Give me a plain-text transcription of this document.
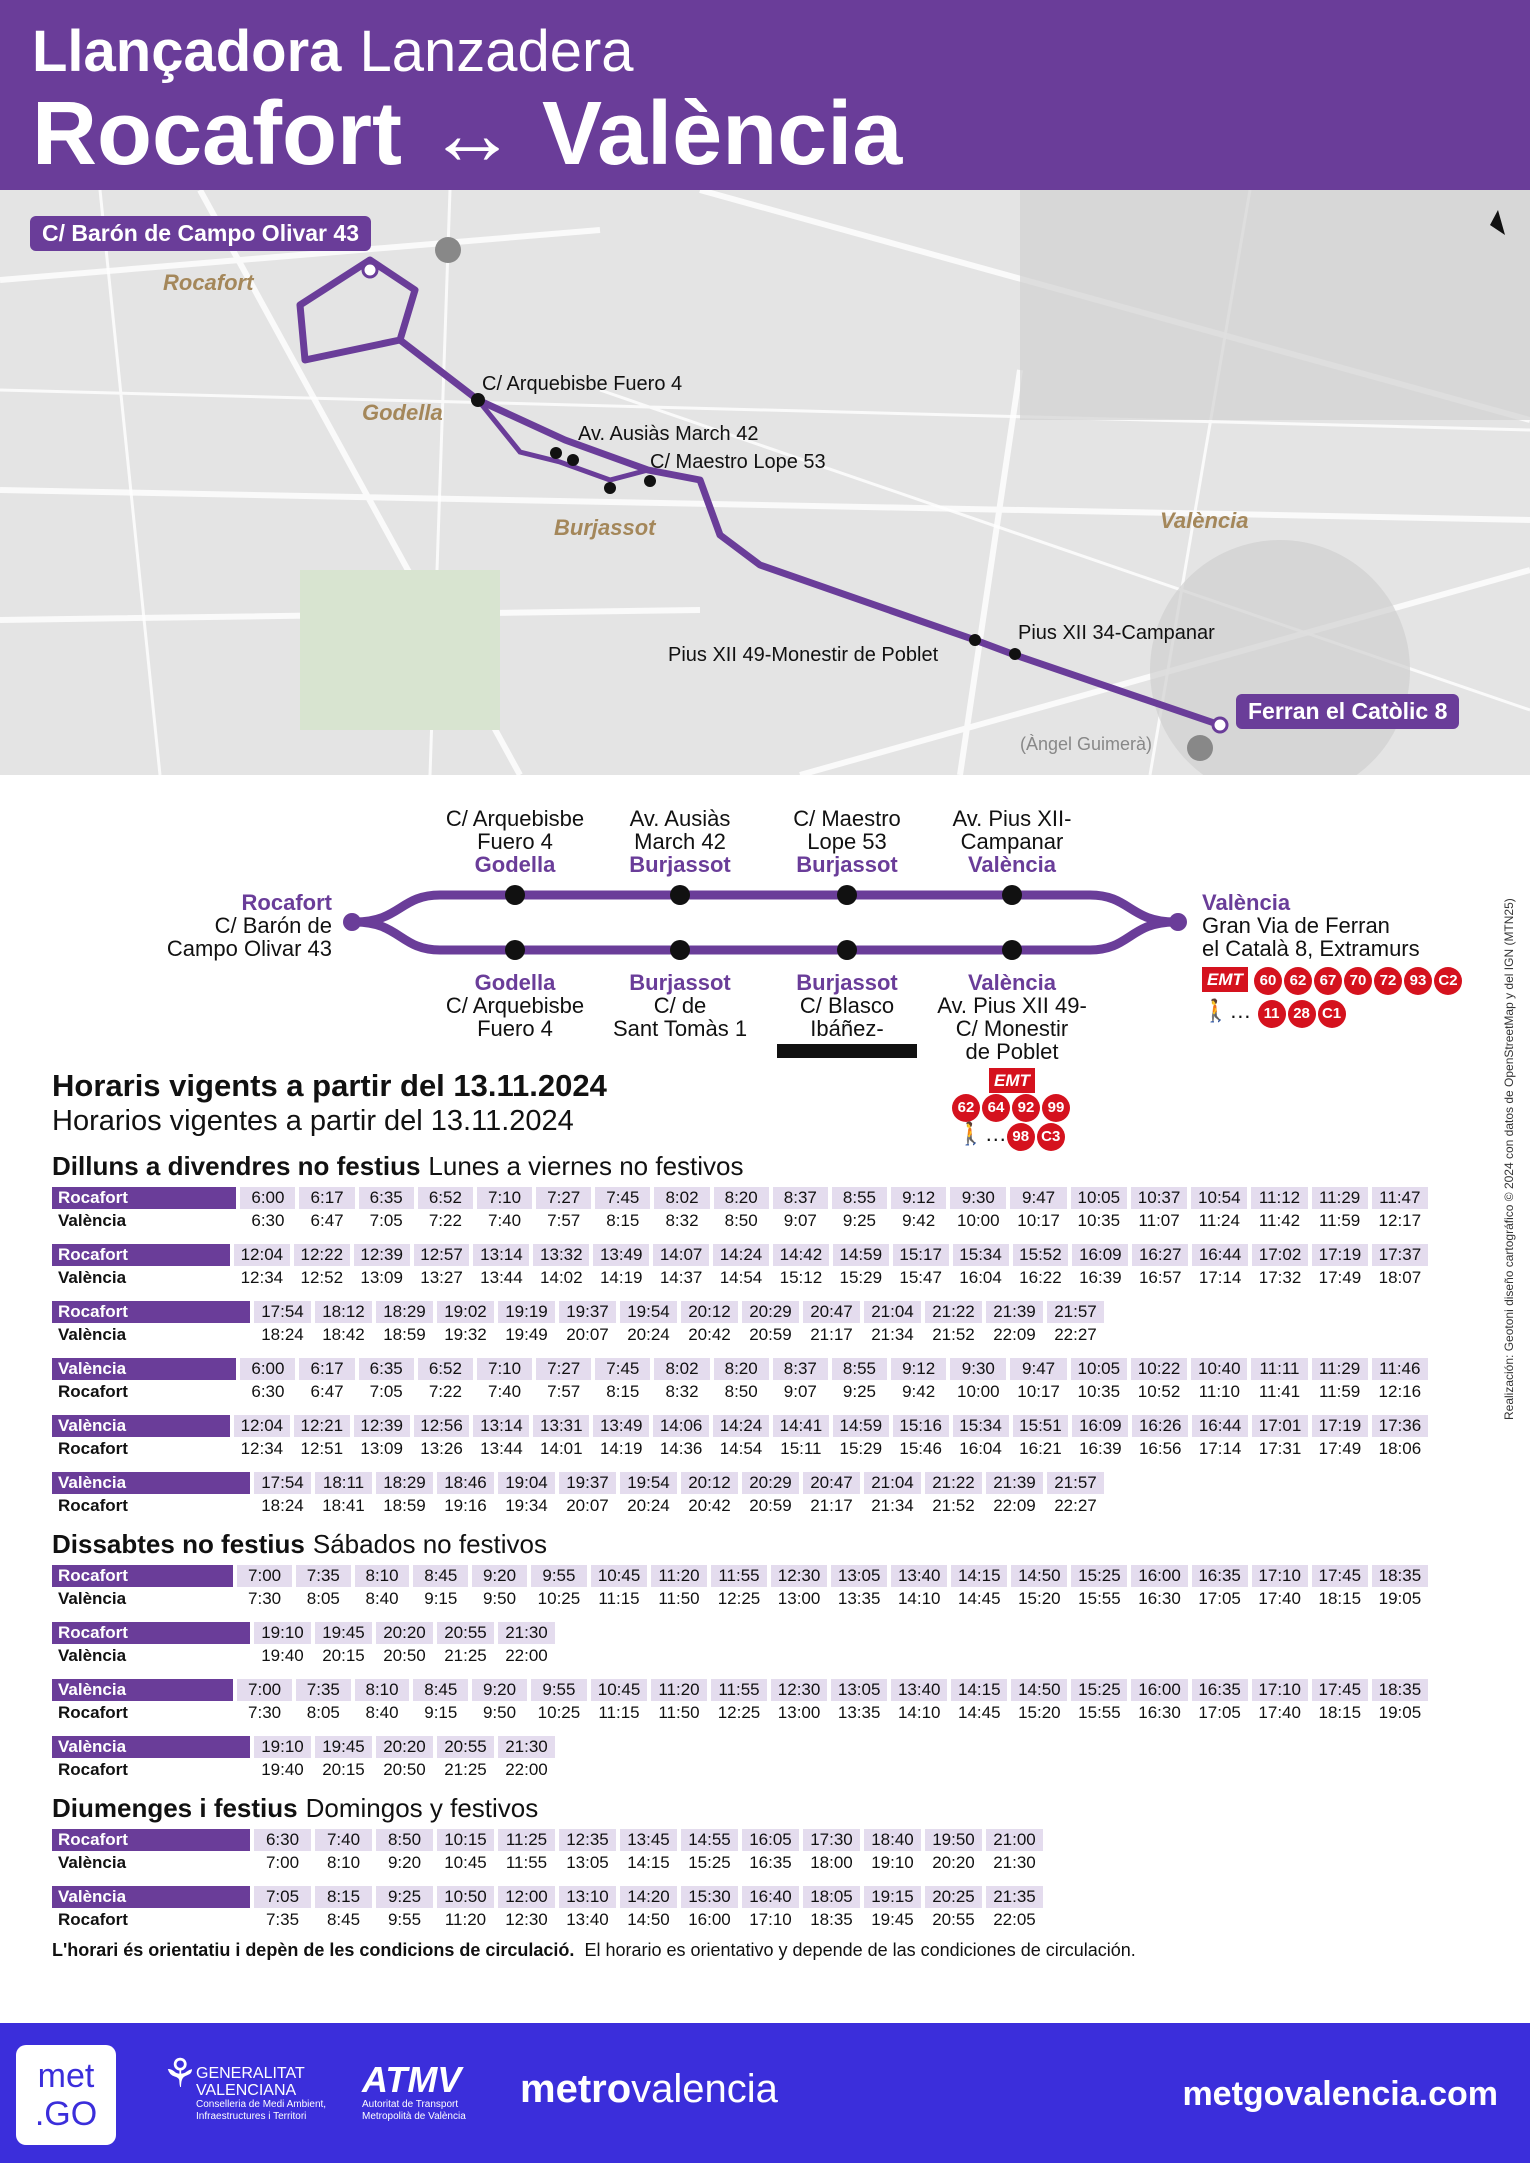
Llançadora Lanzadera
Rocafort ↔ València
C/ Barón de Campo Olivar 43
Ferran el Catòlic 8
Rocafort
Godella
Burjassot	València
C/ Arquebisbe Fuero 4
Av. Ausiàs March 42
C/ Maestro Lope 53
Pius XII 34-Campanar
Pius XII 49-Monestir de Poblet
(Àngel Guimerà)
Rocafort
C/ Barón de
Campo Olivar 43
València
Gran Via de Ferran
el Català 8, Extramurs
EMT 60 62 67 70 72 93 C2
🚶… 11 28 C1
C/ Arquebisbe
Fuero 4
Godella
Av. Ausiàs
March 42
Burjassot
C/ Maestro
Lope 53
Burjassot
Av. Pius XII-
Campanar
València
Godella
C/ Arquebisbe
Fuero 4
Burjassot
C/ de
Sant Tomàs 1
Burjassot
C/ Blasco
Ibáñez-
València
Av. Pius XII 49-
C/ Monestir
de Poblet
EMT
62 64 92 99
🚶… 98 C3
Horaris vigents a partir del 13.11.2024
Horarios vigentes a partir del 13.11.2024
Dilluns a divendres no festius Lunes a viernes no festivos
Rocafort	6:00	6:17	6:35	6:52	7:10	7:27	7:45	8:02	8:20	8:37	8:55	9:12	9:30	9:47	10:05	10:37	10:54	11:12	11:29	11:47
València	6:30	6:47	7:05	7:22	7:40	7:57	8:15	8:32	8:50	9:07	9:25	9:42	10:00	10:17	10:35	11:07	11:24	11:42	11:59	12:17
Rocafort	12:04	12:22	12:39	12:57	13:14	13:32	13:49	14:07	14:24	14:42	14:59	15:17	15:34	15:52	16:09	16:27	16:44	17:02	17:19	17:37
València	12:34	12:52	13:09	13:27	13:44	14:02	14:19	14:37	14:54	15:12	15:29	15:47	16:04	16:22	16:39	16:57	17:14	17:32	17:49	18:07
Rocafort	17:54	18:12	18:29	19:02	19:19	19:37	19:54	20:12	20:29	20:47	21:04	21:22	21:39	21:57
València	18:24	18:42	18:59	19:32	19:49	20:07	20:24	20:42	20:59	21:17	21:34	21:52	22:09	22:27
València	6:00	6:17	6:35	6:52	7:10	7:27	7:45	8:02	8:20	8:37	8:55	9:12	9:30	9:47	10:05	10:22	10:40	11:11	11:29	11:46
Rocafort	6:30	6:47	7:05	7:22	7:40	7:57	8:15	8:32	8:50	9:07	9:25	9:42	10:00	10:17	10:35	10:52	11:10	11:41	11:59	12:16
València	12:04	12:21	12:39	12:56	13:14	13:31	13:49	14:06	14:24	14:41	14:59	15:16	15:34	15:51	16:09	16:26	16:44	17:01	17:19	17:36
Rocafort	12:34	12:51	13:09	13:26	13:44	14:01	14:19	14:36	14:54	15:11	15:29	15:46	16:04	16:21	16:39	16:56	17:14	17:31	17:49	18:06
València	17:54	18:11	18:29	18:46	19:04	19:37	19:54	20:12	20:29	20:47	21:04	21:22	21:39	21:57
Rocafort	18:24	18:41	18:59	19:16	19:34	20:07	20:24	20:42	20:59	21:17	21:34	21:52	22:09	22:27
Dissabtes no festius Sábados no festivos
Rocafort	7:00	7:35	8:10	8:45	9:20	9:55	10:45	11:20	11:55	12:30	13:05	13:40	14:15	14:50	15:25	16:00	16:35	17:10	17:45	18:35
València	7:30	8:05	8:40	9:15	9:50	10:25	11:15	11:50	12:25	13:00	13:35	14:10	14:45	15:20	15:55	16:30	17:05	17:40	18:15	19:05
Rocafort	19:10	19:45	20:20	20:55	21:30
València	19:40	20:15	20:50	21:25	22:00
València	7:00	7:35	8:10	8:45	9:20	9:55	10:45	11:20	11:55	12:30	13:05	13:40	14:15	14:50	15:25	16:00	16:35	17:10	17:45	18:35
Rocafort	7:30	8:05	8:40	9:15	9:50	10:25	11:15	11:50	12:25	13:00	13:35	14:10	14:45	15:20	15:55	16:30	17:05	17:40	18:15	19:05
València	19:10	19:45	20:20	20:55	21:30
Rocafort	19:40	20:15	20:50	21:25	22:00
Diumenges i festius Domingos y festivos
Rocafort	6:30	7:40	8:50	10:15	11:25	12:35	13:45	14:55	16:05	17:30	18:40	19:50	21:00
València	7:00	8:10	9:20	10:45	11:55	13:05	14:15	15:25	16:35	18:00	19:10	20:20	21:30
València	7:05	8:15	9:25	10:50	12:00	13:10	14:20	15:30	16:40	18:05	19:15	20:25	21:35
Rocafort	7:35	8:45	9:55	11:20	12:30	13:40	14:50	16:00	17:10	18:35	19:45	20:55	22:05
L'horari és orientatiu i depèn de les condicions de circulació. El horario es orientativo y depende de las condiciones de circulación.
Realización: Geotoni diseño cartográfico © 2024 con datos de OpenStreetMap y del IGN (MTN25)
met
.GO
⚘
GENERALITAT
VALENCIANA
Conselleria de Medi Ambient,
Infraestructures i Territori
ATMV
Autoritat de Transport
Metropolità de València
metrovalencia	metgovalencia.com
